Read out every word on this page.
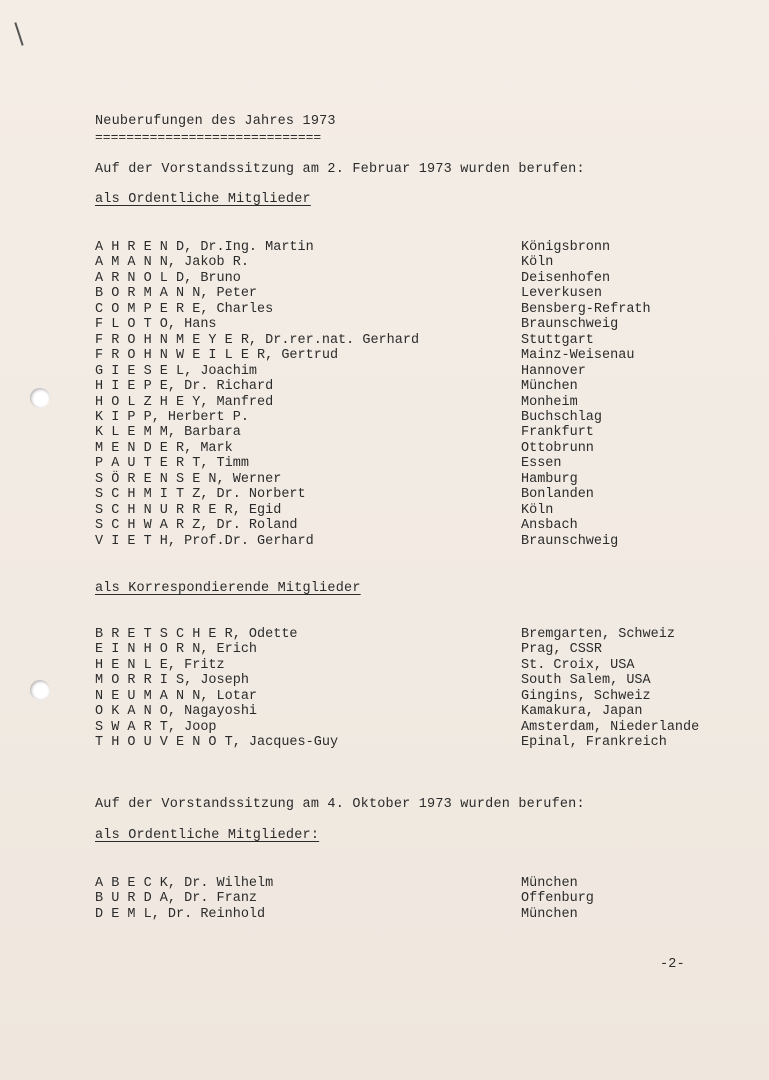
Neuberufungen des Jahres 1973
=============================
Auf der Vorstandssitzung am 2. Februar 1973 wurden berufen:
als Ordentliche Mitglieder
A H R E N D, Dr.Ing. Martin	Königsbronn
A M A N N, Jakob R.	Köln
A R N O L D, Bruno	Deisenhofen
B O R M A N N, Peter	Leverkusen
C O M P E R E, Charles	Bensberg-Refrath
F L O T O, Hans	Braunschweig
F R O H N M E Y E R, Dr.rer.nat. Gerhard	Stuttgart
F R O H N W E I L E R, Gertrud	Mainz-Weisenau
G I E S E L, Joachim	Hannover
H I E P E, Dr. Richard	München
H O L Z H E Y, Manfred	Monheim
K I P P, Herbert P.	Buchschlag
K L E M M, Barbara	Frankfurt
M E N D E R, Mark	Ottobrunn
P A U T E R T, Timm	Essen
S Ö R E N S E N, Werner	Hamburg
S C H M I T Z, Dr. Norbert	Bonlanden
S C H N U R R E R, Egid	Köln
S C H W A R Z, Dr. Roland	Ansbach
V I E T H, Prof.Dr. Gerhard	Braunschweig
als Korrespondierende Mitglieder
B R E T S C H E R, Odette	Bremgarten, Schweiz
E I N H O R N, Erich	Prag, CSSR
H E N L E, Fritz	St. Croix, USA
M O R R I S, Joseph	South Salem, USA
N E U M A N N, Lotar	Gingins, Schweiz
O K A N O, Nagayoshi	Kamakura, Japan
S W A R T, Joop	Amsterdam, Niederlande
T H O U V E N O T, Jacques-Guy	Epinal, Frankreich
Auf der Vorstandssitzung am 4. Oktober 1973 wurden berufen:
als Ordentliche Mitglieder:
A B E C K, Dr. Wilhelm	München
B U R D A, Dr. Franz	Offenburg
D E M L, Dr. Reinhold	München
-2-
